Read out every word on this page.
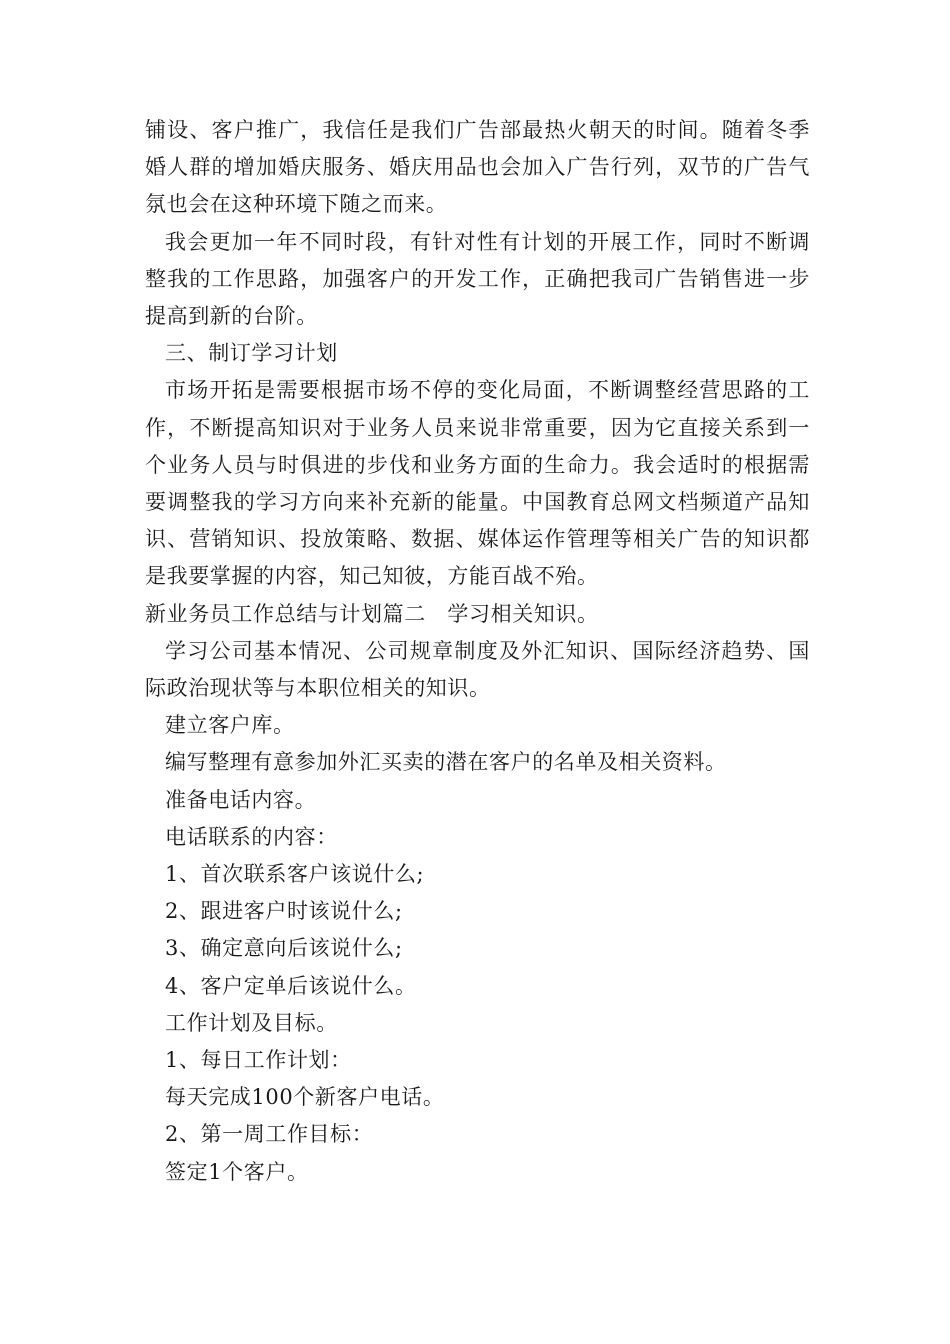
铺设、客户推广，我信任是我们广告部最热火朝天的时间。随着冬季婚人群的增加婚庆服务、婚庆用品也会加入广告行列，双节的广告气氛也会在这种环境下随之而来。

我会更加一年不同时段，有针对性有计划的开展工作，同时不断调整我的工作思路，加强客户的开发工作，正确把我司广告销售进一步提高到新的台阶。

三、制订学习计划

市场开拓是需要根据市场不停的变化局面，不断调整经营思路的工作，不断提高知识对于业务人员来说非常重要，因为它直接关系到一个业务人员与时俱进的步伐和业务方面的生命力。我会适时的根据需要调整我的学习方向来补充新的能量。中国教育总网文档频道产品知识、营销知识、投放策略、数据、媒体运作管理等相关广告的知识都是我要掌握的内容，知己知彼，方能百战不殆。

新业务员工作总结与计划篇二　学习相关知识。

学习公司基本情况、公司规章制度及外汇知识、国际经济趋势、国际政治现状等与本职位相关的知识。

建立客户库。

编写整理有意参加外汇买卖的潜在客户的名单及相关资料。

准备电话内容。

电话联系的内容：

1、首次联系客户该说什么;

2、跟进客户时该说什么;

3、确定意向后该说什么;

4、客户定单后该说什么。

工作计划及目标。

1、每日工作计划：

每天完成100个新客户电话。

2、第一周工作目标：

签定1个客户。
